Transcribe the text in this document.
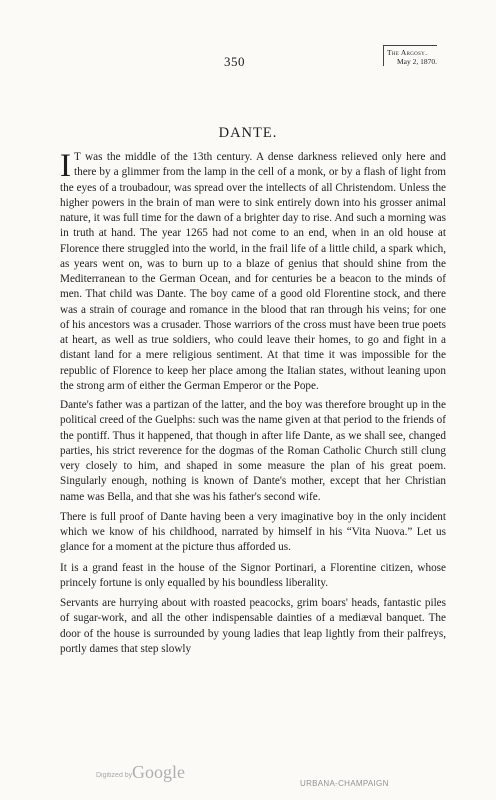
350
The Argosy.
May 2, 1870.
DANTE.

I T was the middle of the 13th century. A dense darkness relieved only here and there by a glimmer from the lamp in the cell of a monk, or by a flash of light from the eyes of a troubadour, was spread over the intellects of all Christendom. Unless the higher powers in the brain of man were to sink entirely down into his grosser animal nature, it was full time for the dawn of a brighter day to rise. And such a morning was in truth at hand. The year 1265 had not come to an end, when in an old house at Florence there struggled into the world, in the frail life of a little child, a spark which, as years went on, was to burn up to a blaze of genius that should shine from the Mediterranean to the German Ocean, and for centuries be a beacon to the minds of men. That child was Dante. The boy came of a good old Florentine stock, and there was a strain of courage and romance in the blood that ran through his veins; for one of his ancestors was a crusader. Those warriors of the cross must have been true poets at heart, as well as true soldiers, who could leave their homes, to go and fight in a distant land for a mere religious sentiment. At that time it was impossible for the republic of Florence to keep her place among the Italian states, without leaning upon the strong arm of either the German Emperor or the Pope.

Dante's father was a partizan of the latter, and the boy was therefore brought up in the political creed of the Guelphs: such was the name given at that period to the friends of the pontiff. Thus it happened, that though in after life Dante, as we shall see, changed parties, his strict reverence for the dogmas of the Roman Catholic Church still clung very closely to him, and shaped in some measure the plan of his great poem. Singularly enough, nothing is known of Dante's mother, except that her Christian name was Bella, and that she was his father's second wife.

There is full proof of Dante having been a very imaginative boy in the only incident which we know of his childhood, narrated by himself in his “Vita Nuova.” Let us glance for a moment at the picture thus afforded us.

It is a grand feast in the house of the Signor Portinari, a Florentine citizen, whose princely fortune is only equalled by his boundless liberality.

Servants are hurrying about with roasted peacocks, grim boars' heads, fantastic piles of sugar-work, and all the other indispensable dainties of a mediæval banquet. The door of the house is surrounded by young ladies that leap lightly from their palfreys, portly dames that step slowly

Digitized by Google
URBANA-CHAMPAIGN
